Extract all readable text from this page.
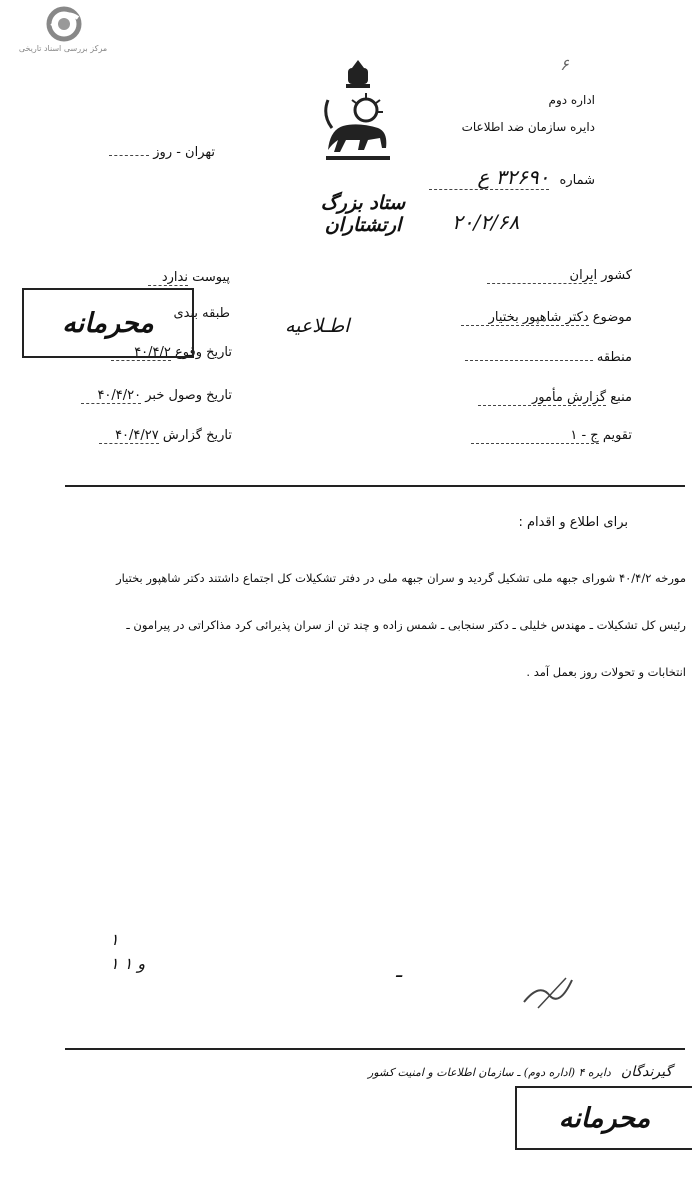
مرکز بررسی اسناد تاریخی
۶
اداره دوم
دایره سازمان ضد اطلاعات
شماره ۳۲۶۹۰ ع
۲۰/۲/۶۸
تهران - روز
ستاد بزرگ ارتشتاران
پیوست ندارد
طبقه بندی
تاریخ وقوع ۴۰/۴/۲
تاریخ وصول خبر ۴۰/۴/۲۰
تاریخ گزارش ۴۰/۴/۲۷
محرمانه	اطـلاعیه
کشور ایران
موضوع دکتر شاهپور بختیار
منطقه
منبع گزارش مأمور
تقویم ج - ۱
برای اطلاع و اقدام :
مورخه ۴۰/۴/۲ شورای جبهه ملی تشکیل گردید و سران جبهه ملی در دفتر تشکیلات کل اجتماع داشتند دکتر شاهپور بختیار
رئیس کل تشکیلات ـ مهندس خلیلی ـ دکتر سنجابی ـ شمس زاده و چند تن از سران پذیرائی کرد مذاکراتی در پیرامون ـ
انتخابات و تحولات روز بعمل آمد .
۱
۱ و ۱	ـ
گیرندگان دایره ۴ (اداره دوم) ـ سازمان اطلاعات و امنیت کشور
محرمانه
